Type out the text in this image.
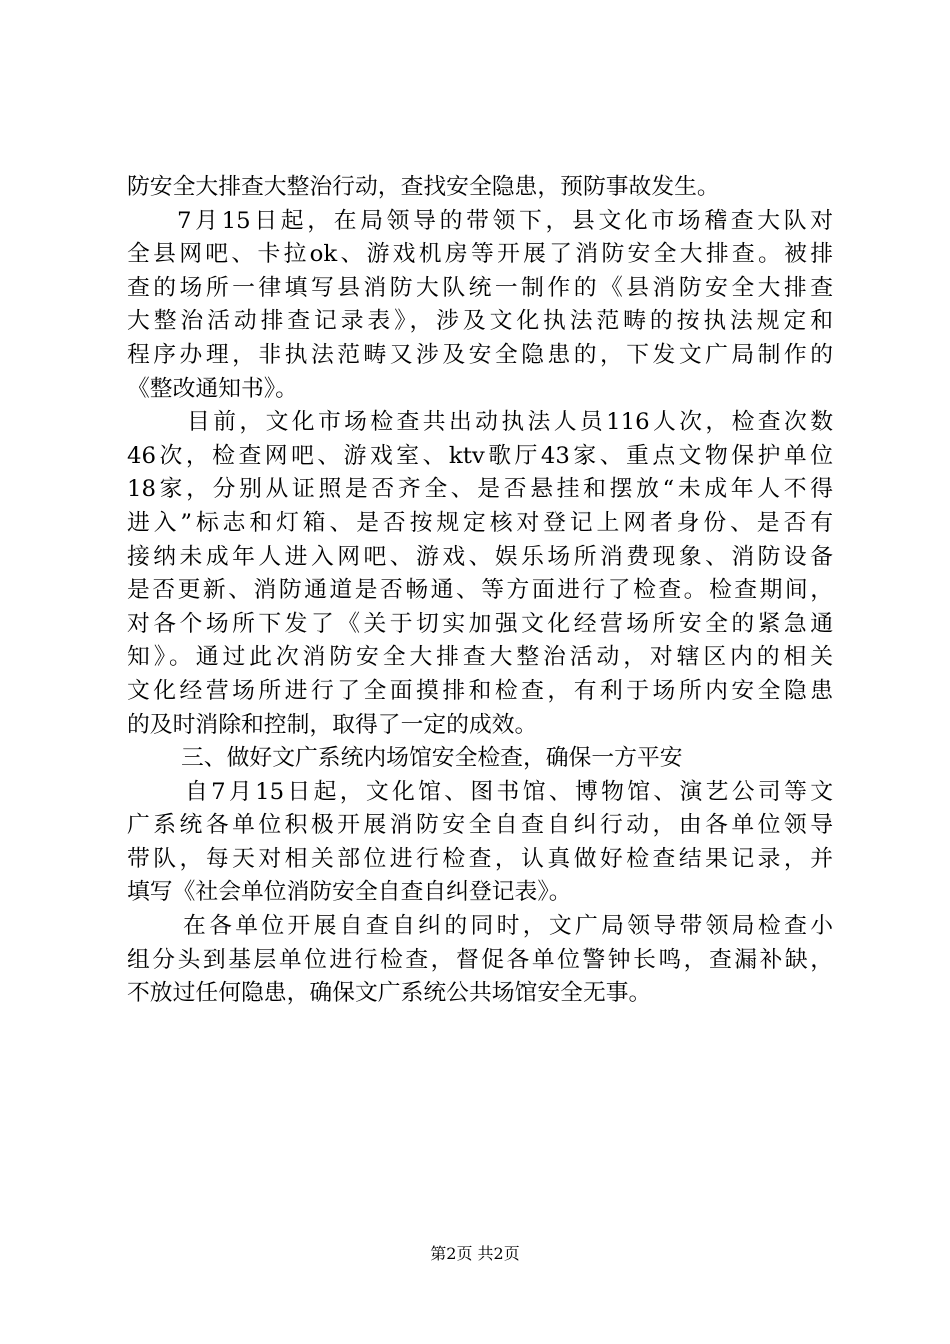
防安全大排查大整治行动，查找安全隐患，预防事故发生。
7月15日起，在局领导的带领下，县文化市场稽查大队对
全县网吧、卡拉ok、游戏机房等开展了消防安全大排查。被排
查的场所一律填写县消防大队统一制作的《县消防安全大排查
大整治活动排查记录表》，涉及文化执法范畴的按执法规定和
程序办理，非执法范畴又涉及安全隐患的，下发文广局制作的
《整改通知书》。
目前，文化市场检查共出动执法人员116人次，检查次数
46次，检查网吧、游戏室、ktv歌厅43家、重点文物保护单位
18家，分别从证照是否齐全、是否悬挂和摆放“未成年人不得
进入”标志和灯箱、是否按规定核对登记上网者身份、是否有
接纳未成年人进入网吧、游戏、娱乐场所消费现象、消防设备
是否更新、消防通道是否畅通、等方面进行了检查。检查期间，
对各个场所下发了《关于切实加强文化经营场所安全的紧急通
知》。通过此次消防安全大排查大整治活动，对辖区内的相关
文化经营场所进行了全面摸排和检查，有利于场所内安全隐患
的及时消除和控制，取得了一定的成效。
三、做好文广系统内场馆安全检查，确保一方平安
自7月15日起，文化馆、图书馆、博物馆、演艺公司等文
广系统各单位积极开展消防安全自查自纠行动，由各单位领导
带队，每天对相关部位进行检查，认真做好检查结果记录，并
填写《社会单位消防安全自查自纠登记表》。
在各单位开展自查自纠的同时，文广局领导带领局检查小
组分头到基层单位进行检查，督促各单位警钟长鸣，查漏补缺，
不放过任何隐患，确保文广系统公共场馆安全无事。
第2页 共2页
